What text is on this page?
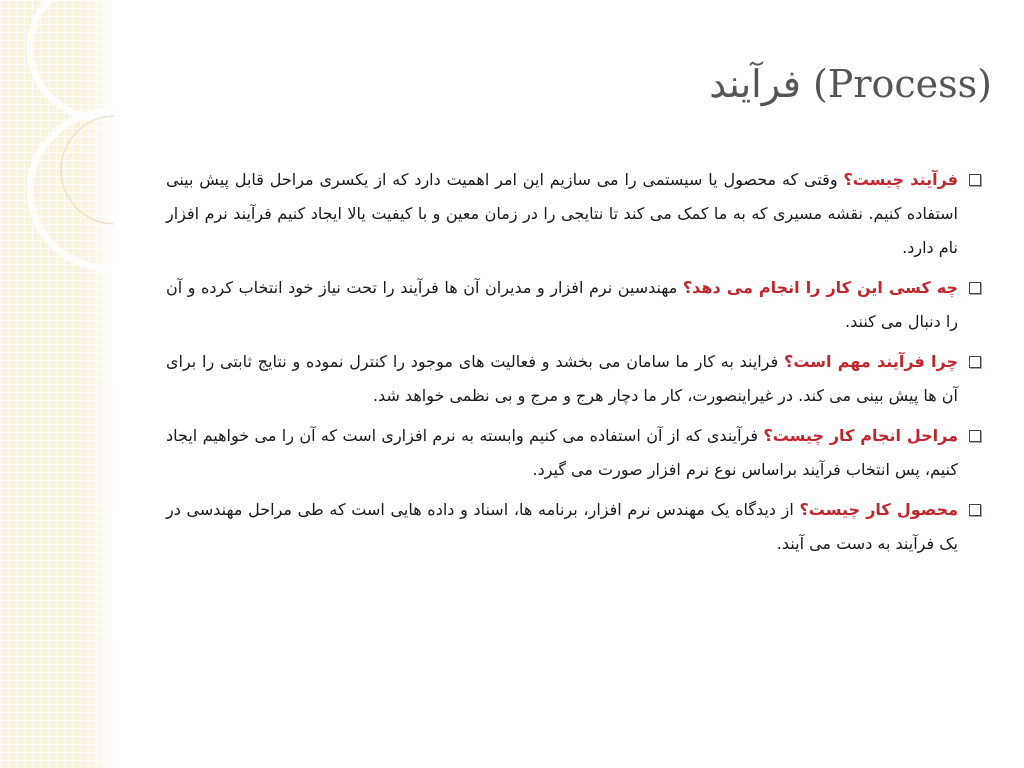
(Process) فرآیند
فرآیند چیست؟ وقتی که محصول یا سیستمی را می سازیم این امر اهمیت دارد که از یکسری مراحل قابل پیش بینی استفاده کنیم. نقشه مسیری که به ما کمک می کند تا نتایجی را در زمان معین و با کیفیت یالا ایجاد کنیم فرآیند نرم افزار نام دارد.
چه کسی این کار را انجام می دهد؟ مهندسین نرم افزار و مدیران آن ها فرآیند را تحت نیاز خود انتخاب کرده و آن را دنبال می کنند.
چرا فرآیند مهم است؟ فرایند به کار ما سامان می بخشد و فعالیت های موجود را کنترل نموده و نتایج ثابتی را برای آن ها پیش بینی می کند. در غیراینصورت، کار ما دچار هرج و مرج و بی نظمی خواهد شد.
مراحل انجام کار چیست؟ فرآیندی که از آن استفاده می کنیم وابسته به نرم افزاری است که آن را می خواهیم ایجاد کنیم، پس انتخاب فرآیند براساس نوع نرم افزار صورت می گیرد.
محصول کار چیست؟ از دیدگاه یک مهندس نرم افزار، برنامه ها، اسناد و داده هایی است که طی مراحل مهندسی در یک فرآیند به دست می آیند.
